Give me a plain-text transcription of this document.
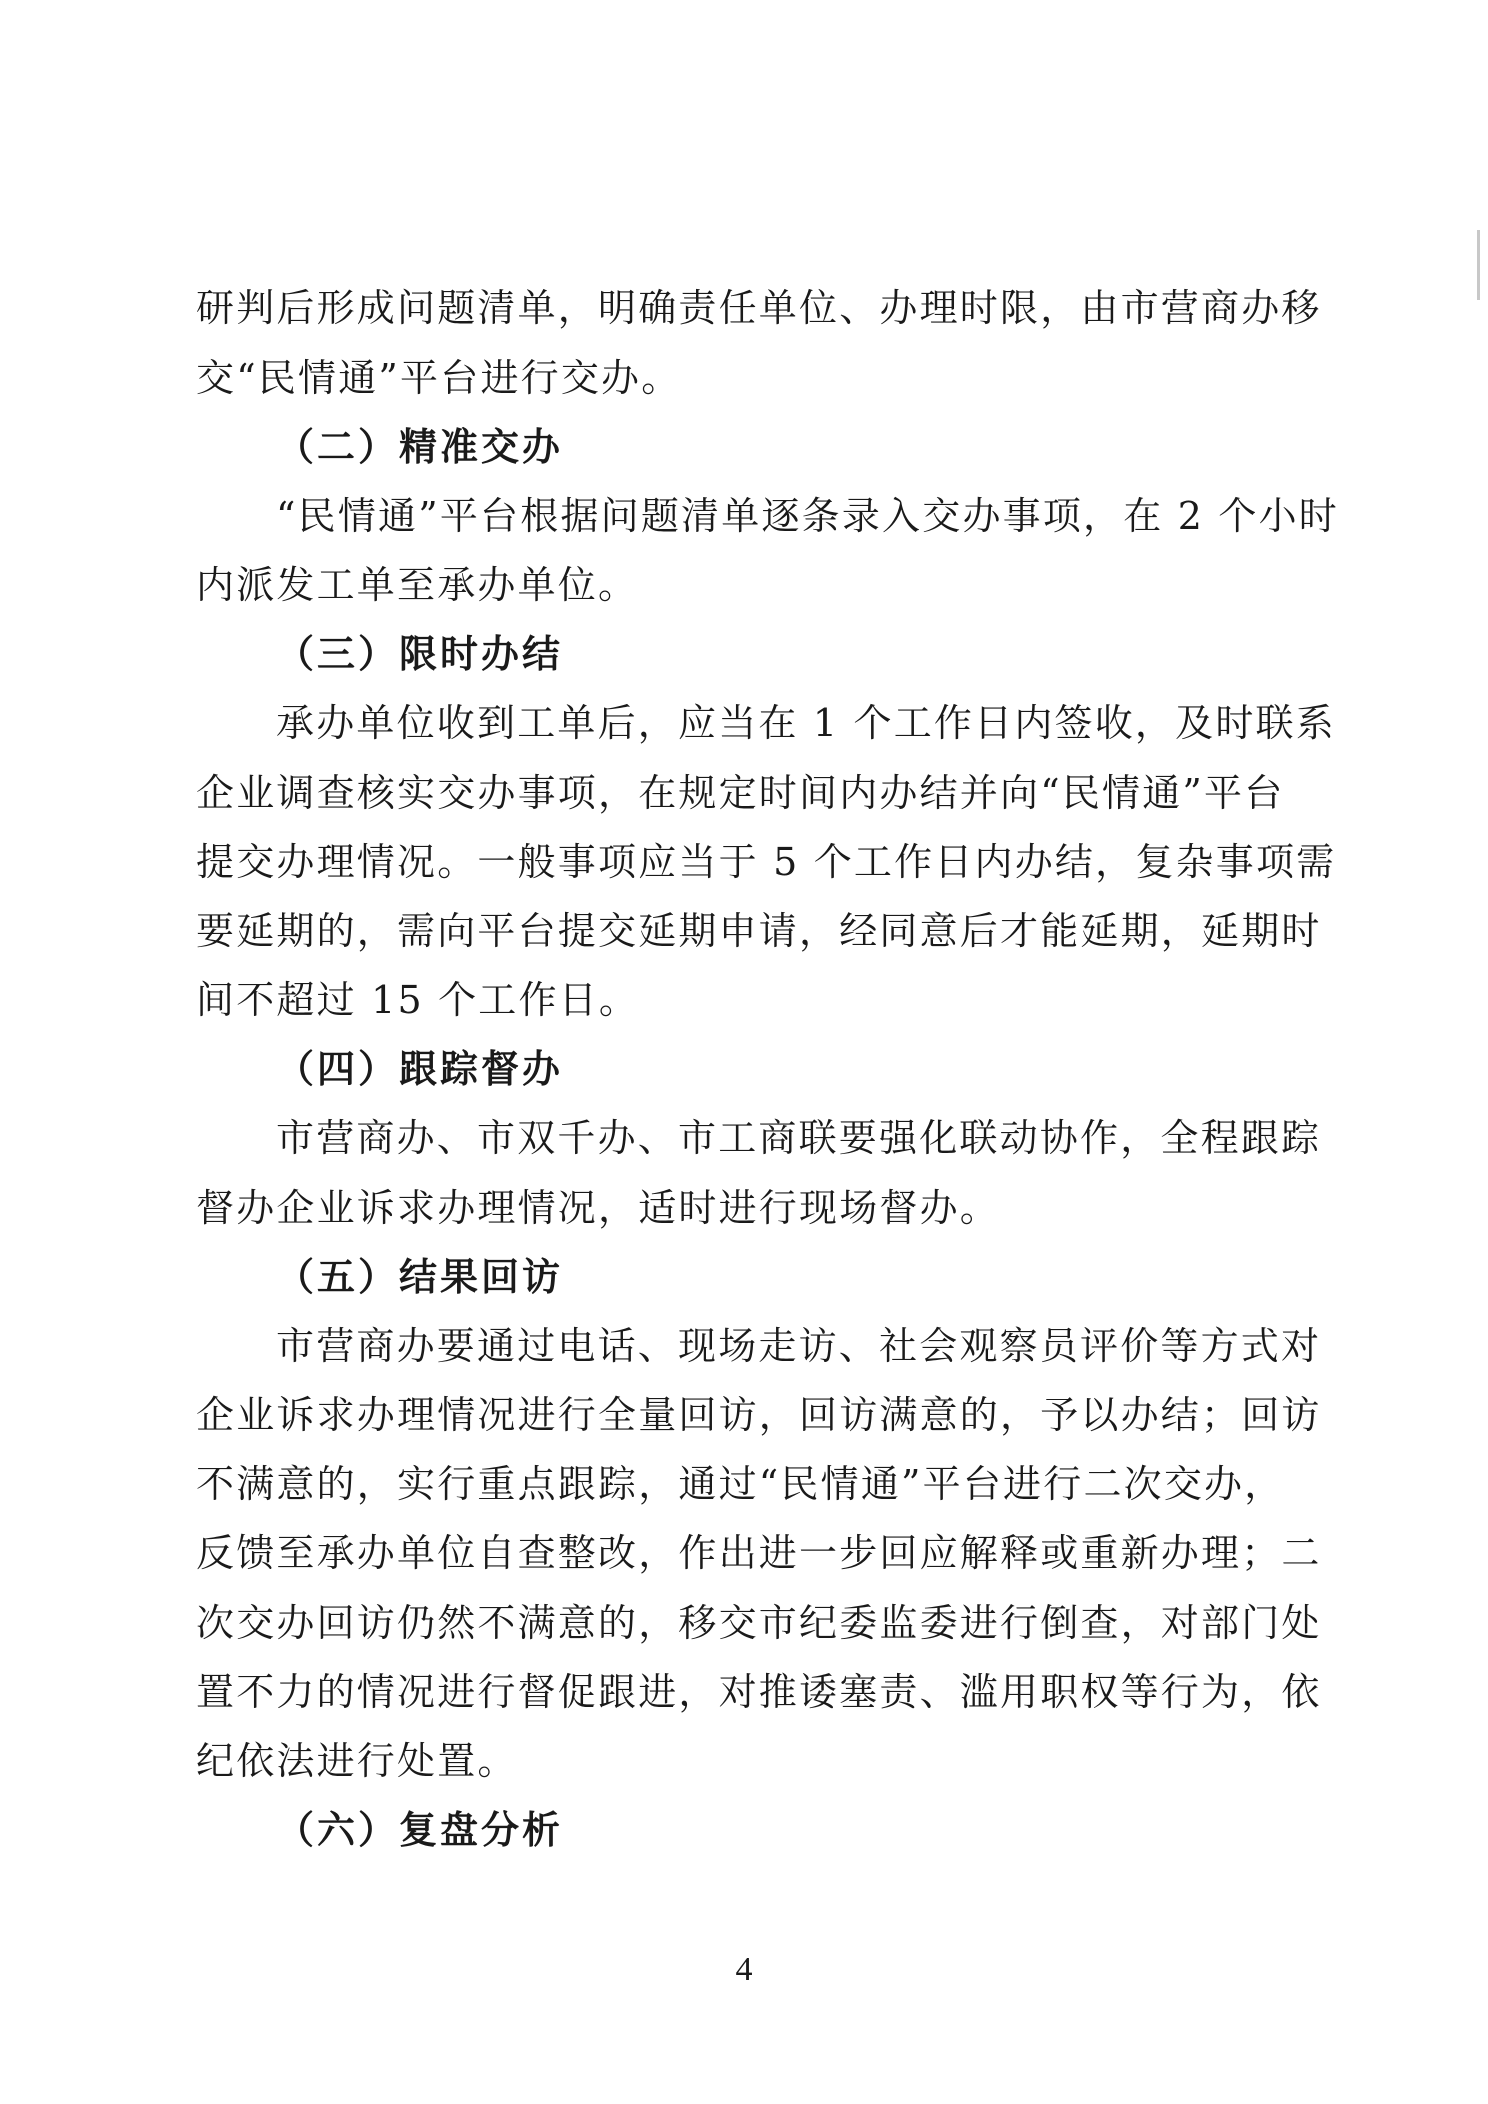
研判后形成问题清单，明确责任单位、办理时限，由市营商办移
交“民情通”平台进行交办。
（二）精准交办
“民情通”平台根据问题清单逐条录入交办事项，在 2 个小时
内派发工单至承办单位。
（三）限时办结
承办单位收到工单后，应当在 1 个工作日内签收，及时联系
企业调查核实交办事项，在规定时间内办结并向“民情通”平台
提交办理情况。一般事项应当于 5 个工作日内办结，复杂事项需
要延期的，需向平台提交延期申请，经同意后才能延期，延期时
间不超过 15 个工作日。
（四）跟踪督办
市营商办、市双千办、市工商联要强化联动协作，全程跟踪
督办企业诉求办理情况，适时进行现场督办。
（五）结果回访
市营商办要通过电话、现场走访、社会观察员评价等方式对
企业诉求办理情况进行全量回访，回访满意的，予以办结；回访
不满意的，实行重点跟踪，通过“民情通”平台进行二次交办，
反馈至承办单位自查整改，作出进一步回应解释或重新办理；二
次交办回访仍然不满意的，移交市纪委监委进行倒查，对部门处
置不力的情况进行督促跟进，对推诿塞责、滥用职权等行为，依
纪依法进行处置。
（六）复盘分析
4
